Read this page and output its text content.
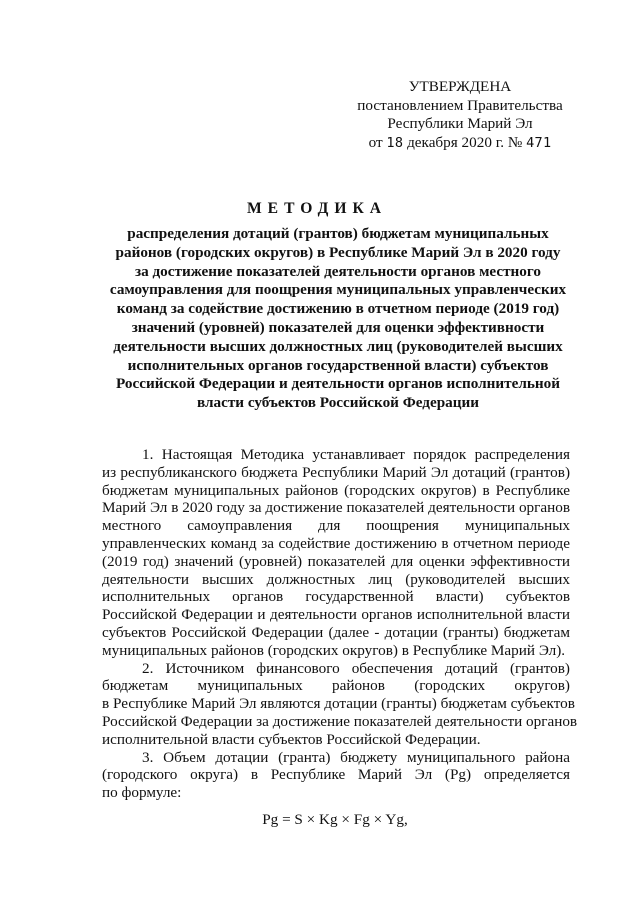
УТВЕРЖДЕНА
постановлением Правительства
Республики Марий Эл
от 18 декабря 2020 г. № 471
МЕТОДИКА
распределения дотаций (грантов) бюджетам муниципальных
районов (городских округов) в Республике Марий Эл в 2020 году
за достижение показателей деятельности органов местного
самоуправления для поощрения муниципальных управленческих
команд за содействие достижению в отчетном периоде (2019 год)
значений (уровней) показателей для оценки эффективности
деятельности высших должностных лиц (руководителей высших
исполнительных органов государственной власти) субъектов
Российской Федерации и деятельности органов исполнительной
власти субъектов Российской Федерации
1. Настоящая Методика устанавливает порядок распределения
из республиканского бюджета Республики Марий Эл дотаций (грантов)
бюджетам муниципальных районов (городских округов) в Республике
Марий Эл в 2020 году за достижение показателей деятельности органов
местного самоуправления для поощрения муниципальных
управленческих команд за содействие достижению в отчетном периоде
(2019 год) значений (уровней) показателей для оценки эффективности
деятельности высших должностных лиц (руководителей высших
исполнительных органов государственной власти) субъектов
Российской Федерации и деятельности органов исполнительной власти
субъектов Российской Федерации (далее - дотации (гранты) бюджетам
муниципальных районов (городских округов) в Республике Марий Эл).
2. Источником финансового обеспечения дотаций (грантов)
бюджетам муниципальных районов (городских округов)
в Республике Марий Эл являются дотации (гранты) бюджетам субъектов
Российской Федерации за достижение показателей деятельности органов
исполнительной власти субъектов Российской Федерации.
3. Объем дотации (гранта) бюджету муниципального района
(городского округа) в Республике Марий Эл (Pg) определяется
по формуле:
Pg = S × Kg × Fg × Yg,
